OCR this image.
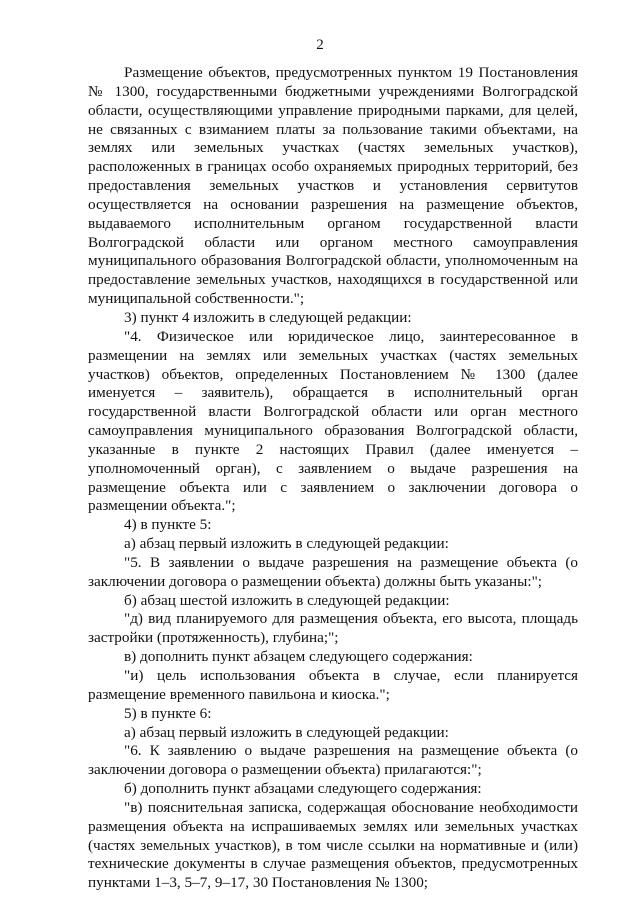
2

Размещение объектов, предусмотренных пунктом 19 Постановления № 1300, государственными бюджетными учреждениями Волгоградской области, осуществляющими управление природными парками, для целей, не связанных с взиманием платы за пользование такими объектами, на землях или земельных участках (частях земельных участков), расположенных в границах особо охраняемых природных территорий, без предоставления земельных участков и установления сервитутов осуществляется на основании разрешения на размещение объектов, выдаваемого исполнительным органом государственной власти Волгоградской области или органом местного самоуправления муниципального образования Волгоградской области, уполномоченным на предоставление земельных участков, находящихся в государственной или муниципальной собственности.";

3) пункт 4 изложить в следующей редакции:

"4. Физическое или юридическое лицо, заинтересованное в размещении на землях или земельных участках (частях земельных участков) объектов, определенных Постановлением № 1300 (далее именуется – заявитель), обращается в исполнительный орган государственной власти Волгоградской области или орган местного самоуправления муниципального образования Волгоградской области, указанные в пункте 2 настоящих Правил (далее именуется – уполномоченный орган), с заявлением о выдаче разрешения на размещение объекта или с заявлением о заключении договора о размещении объекта.";

4) в пункте 5:

а) абзац первый изложить в следующей редакции:

"5. В заявлении о выдаче разрешения на размещение объекта (о заключении договора о размещении объекта) должны быть указаны:";

б) абзац шестой изложить в следующей редакции:

"д) вид планируемого для размещения объекта, его высота, площадь застройки (протяженность), глубина;";

в) дополнить пункт абзацем следующего содержания:

"и) цель использования объекта в случае, если планируется размещение временного павильона и киоска.";

5) в пункте 6:

а) абзац первый изложить в следующей редакции:

"6. К заявлению о выдаче разрешения на размещение объекта (о заключении договора о размещении объекта) прилагаются:";

б) дополнить пункт абзацами следующего содержания:

"в) пояснительная записка, содержащая обоснование необходимости размещения объекта на испрашиваемых землях или земельных участках (частях земельных участков), в том числе ссылки на нормативные и (или) технические документы в случае размещения объектов, предусмотренных пунктами 1–3, 5–7, 9–17, 30 Постановления № 1300;
